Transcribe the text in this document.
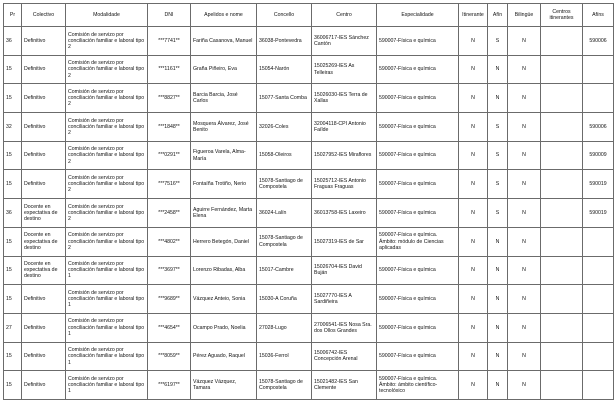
Pr	Colectivo	Modalidade	DNI	Apelidos e nome	Concello	Centro	Especialidade	Itinerante	Afín	Bilingüe	Centros itinerantes	Afíns
36	Definitivo	Comisión de servizo por conciliación familiar e laboral tipo 2	***7741**	Fariña Casanova, Manuel	36038-Pontevedra	36006717-IES Sánchez Cantón	590007-Física e química	N	S	N		590006
15	Definitivo	Comisión de servizo por conciliación familiar e laboral tipo 2	***1161**	Graña Piñeiro, Eva	15054-Narón	15025269-IES As Telleiras	590007-Física e química	N	N	N		
15	Definitivo	Comisión de servizo por conciliación familiar e laboral tipo 2	***8827**	Barcia Barcia, José Carlos	15077-Santa Comba	15026030-IES Terra de Xallas	590007-Física e química	N	N	N		
32	Definitivo	Comisión de servizo por conciliación familiar e laboral tipo 2	***1848**	Mosquera Álvarez, José Benito	32026-Coles	32004118-CPI Antonio Faílde	590007-Física e química	N	S	N		590006
15	Definitivo	Comisión de servizo por conciliación familiar e laboral tipo 2	***0291**	Figueroa Varela, Alma-María	15058-Oleiros	15027952-IES Miraflores	590007-Física e química	N	S	N		590009
15	Definitivo	Comisión de servizo por conciliación familiar e laboral tipo 2	***7516**	Fontaíña Trotiño, Nerio	15078-Santiago de Compostela	15025712-IES Antonio Fraguas Fraguas	590007-Física e química	N	S	N		590019
36	Docente en expectativa de destino	Comisión de servizo por conciliación familiar e laboral tipo 2	***2458**	Aguirre Fernández, Marta Elena	36024-Lalín	36013758-IES Laxeiro	590007-Física e química	N	S	N		590019
15	Docente en expectativa de destino	Comisión de servizo por conciliación familiar e laboral tipo 2	***4802**	Herrero Betegón, Daniel	15078-Santiago de Compostela	15027319-IES de Sar	590007-Física e química. Ámbito: módulo de Ciencias aplicadas	N	N	N		
15	Docente en expectativa de destino	Comisión de servizo por conciliación familiar e laboral tipo 1	***3697**	Lorenzo Ribadas, Alba	15017-Cambre	15026704-IES David Buján	590007-Física e química	N	N	N		
15	Definitivo	Comisión de servizo por conciliación familiar e laboral tipo 1	***9689**	Vázquez Anteio, Sonia	15030-A Coruña	15027770-IES A Sardiñeira	590007-Física e química	N	N	N		
27	Definitivo	Comisión de servizo por conciliación familiar e laboral tipo 1	***4654**	Ocampo Prado, Noelia	27028-Lugo	27006541-IES Nosa Sra. dos Ollos Grandes	590007-Física e química	N	N	N		
15	Definitivo	Comisión de servizo por conciliación familiar e laboral tipo 1	***8059**	Pérez Aguado, Raquel	15036-Ferrol	15006742-IES Concepción Arenal	590007-Física e química	N	N	N		
15	Definitivo	Comisión de servizo por conciliación familiar e laboral tipo 1	***6197**	Vázquez Vázquez, Tamara	15078-Santiago de Compostela	15021482-IES San Clemente	590007-Física e química. Ámbito: ámbito científico-tecnolóxico	N	N	N		
